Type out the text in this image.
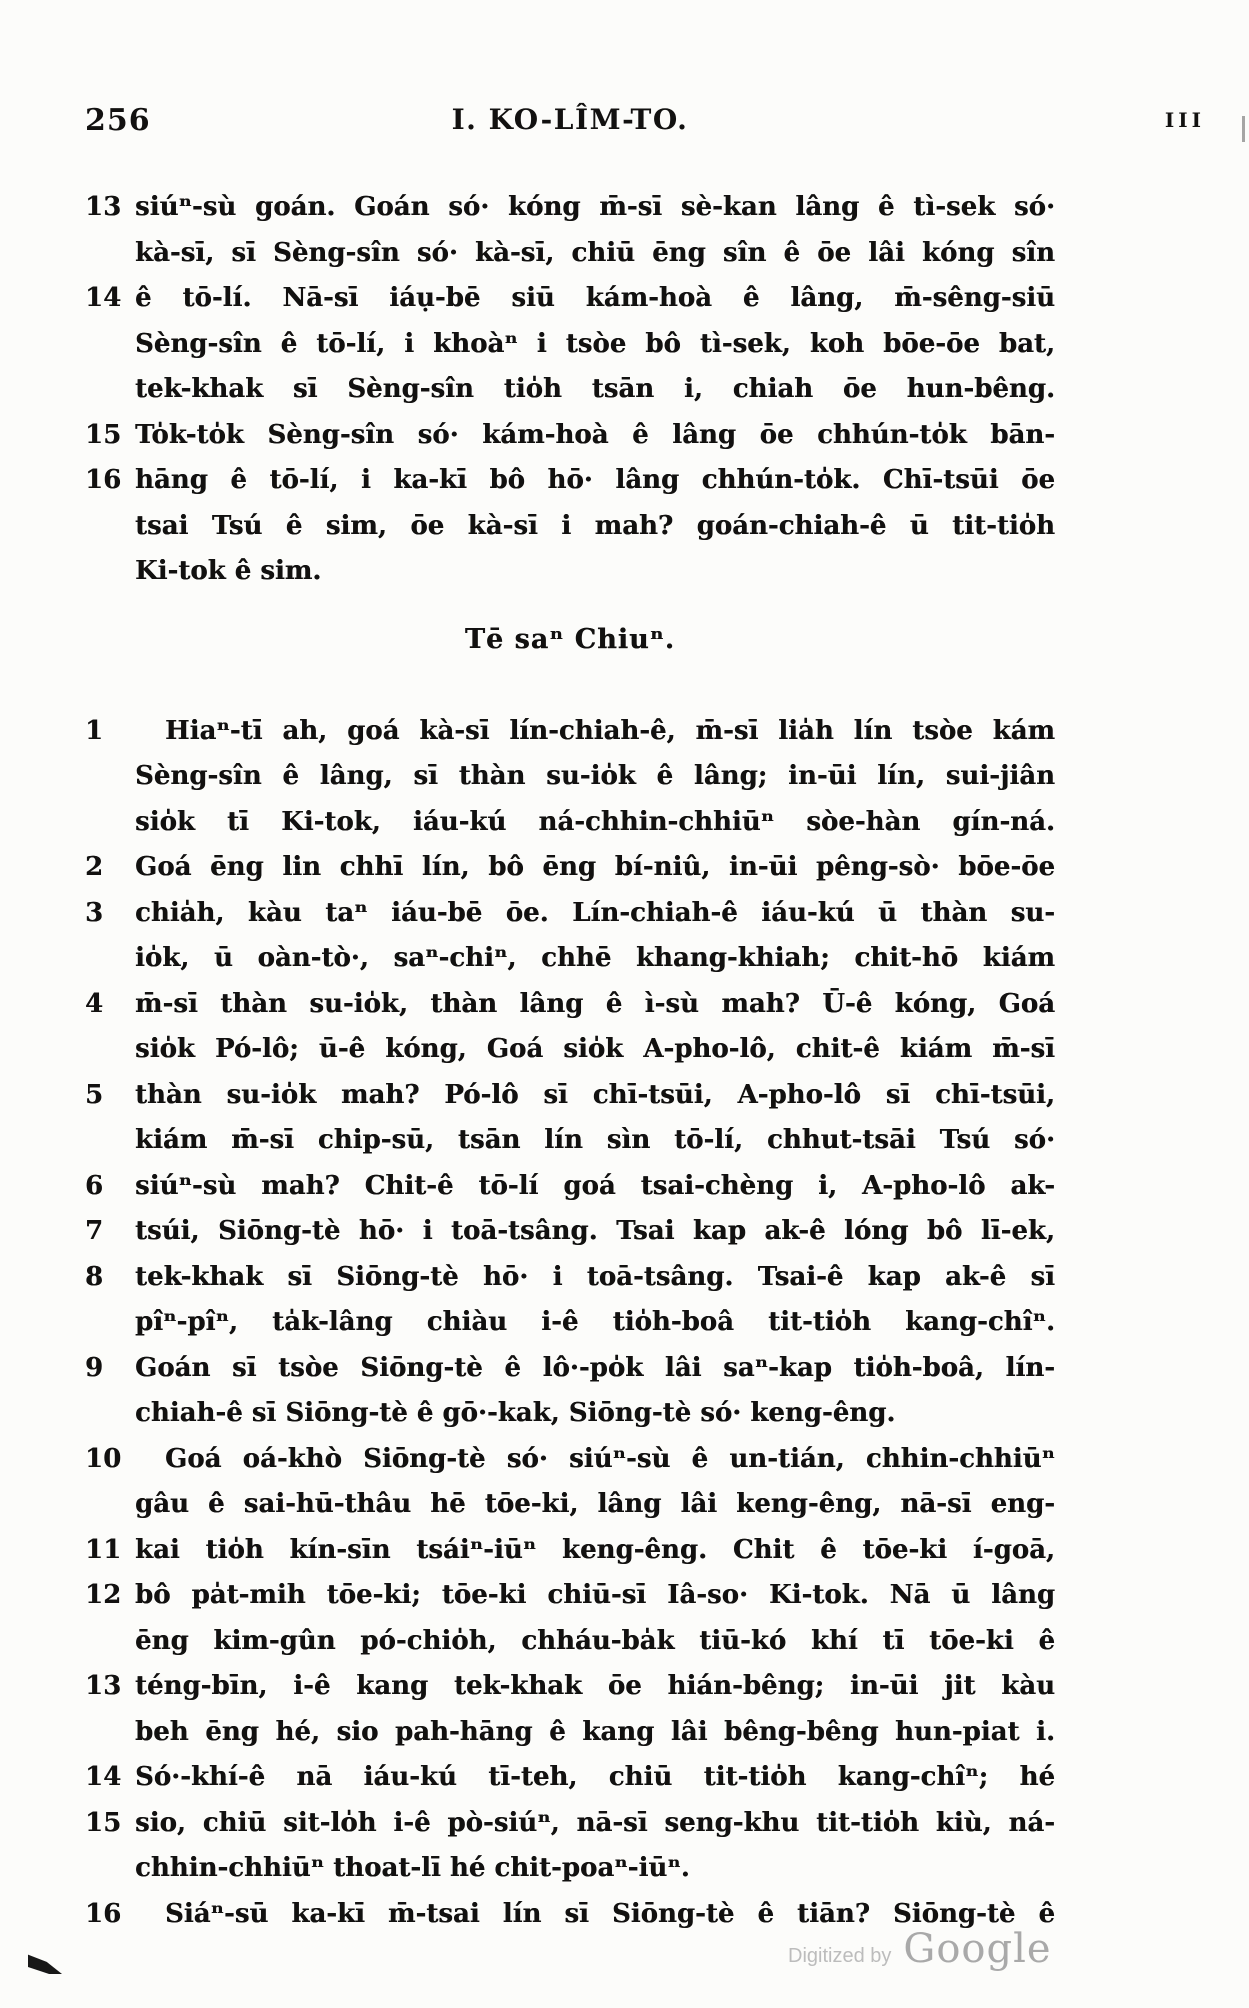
256	I. KO-LÎM-TO.	III
13 siúⁿ-sù goán. Goán só· kóng m̄-sī sè-kan lâng ê tì-sek só·
kà-sī, sī Sèng-sîn só· kà-sī, chiū ēng sîn ê ōe lâi kóng sîn
14 ê tō-lí. Nā-sī iáụ-bē siū kám-hoà ê lâng, m̄-sêng-siū
Sèng-sîn ê tō-lí, i khoàⁿ i tsòe bô tì-sek, koh bōe-ōe bat,
tek-khak sī Sèng-sîn tio̍h tsān i, chiah ōe hun-bêng.
15 To̍k-to̍k Sèng-sîn só· kám-hoà ê lâng ōe chhún-to̍k bān-
16 hāng ê tō-lí, i ka-kī bô hō· lâng chhún-to̍k. Chī-tsūi ōe
tsai Tsú ê sim, ōe kà-sī i mah? goán-chiah-ê ū tit-tio̍h
Ki-tok ê sim.
Tē saⁿ Chiuⁿ.
1	Hiaⁿ-tī ah, goá kà-sī lín-chiah-ê, m̄-sī lia̍h lín tsòe kám
Sèng-sîn ê lâng, sī thàn su-io̍k ê lâng; in-ūi lín, sui-jiân
sio̍k tī Ki-tok, iáu-kú ná-chhin-chhiūⁿ sòe-hàn gín-ná.
2	Goá ēng lin chhī lín, bô ēng bí-niû, in-ūi pêng-sò· bōe-ōe
3	chia̍h, kàu taⁿ iáu-bē ōe. Lín-chiah-ê iáu-kú ū thàn su-
io̍k, ū oàn-tò·, saⁿ-chiⁿ, chhē khang-khiah; chit-hō kiám
4	m̄-sī thàn su-io̍k, thàn lâng ê ì-sù mah? Ū-ê kóng, Goá
sio̍k Pó-lô; ū-ê kóng, Goá sio̍k A-pho-lô, chit-ê kiám m̄-sī
5	thàn su-io̍k mah? Pó-lô sī chī-tsūi, A-pho-lô sī chī-tsūi,
kiám m̄-sī chip-sū, tsān lín sìn tō-lí, chhut-tsāi Tsú só·
6	siúⁿ-sù mah? Chit-ê tō-lí goá tsai-chèng i, A-pho-lô ak-
7	tsúi, Siōng-tè hō· i toā-tsâng. Tsai kap ak-ê lóng bô lī-ek,
8	tek-khak sī Siōng-tè hō· i toā-tsâng. Tsai-ê kap ak-ê sī
pîⁿ-pîⁿ, ta̍k-lâng chiàu i-ê tio̍h-boâ tit-tio̍h kang-chîⁿ.
9	Goán sī tsòe Siōng-tè ê lô·-po̍k lâi saⁿ-kap tio̍h-boâ, lín-
chiah-ê sī Siōng-tè ê gō·-kak, Siōng-tè só· keng-êng.
10	Goá oá-khò Siōng-tè só· siúⁿ-sù ê un-tián, chhin-chhiūⁿ
gâu ê sai-hū-thâu hē tōe-ki, lâng lâi keng-êng, nā-sī eng-
11 kai tio̍h kín-sīn tsáiⁿ-iūⁿ keng-êng. Chit ê tōe-ki í-goā,
12 bô pa̍t-mih tōe-ki; tōe-ki chiū-sī Iâ-so· Ki-tok. Nā ū lâng
ēng kim-gûn pó-chio̍h, chháu-ba̍k tiū-kó khí tī tōe-ki ê
13 téng-bīn, i-ê kang tek-khak ōe hián-bêng; in-ūi jit kàu
beh ēng hé, sio pah-hāng ê kang lâi bêng-bêng hun-piat i.
14 Só·-khí-ê nā iáu-kú tī-teh, chiū tit-tio̍h kang-chîⁿ; hé
15 sio, chiū sit-lo̍h i-ê pò-siúⁿ, nā-sī seng-khu tit-tio̍h kiù, ná-
chhin-chhiūⁿ thoat-lī hé chit-poaⁿ-iūⁿ.
16	Siáⁿ-sū ka-kī m̄-tsai lín sī Siōng-tè ê tiān? Siōng-tè ê
Digitized by Google
